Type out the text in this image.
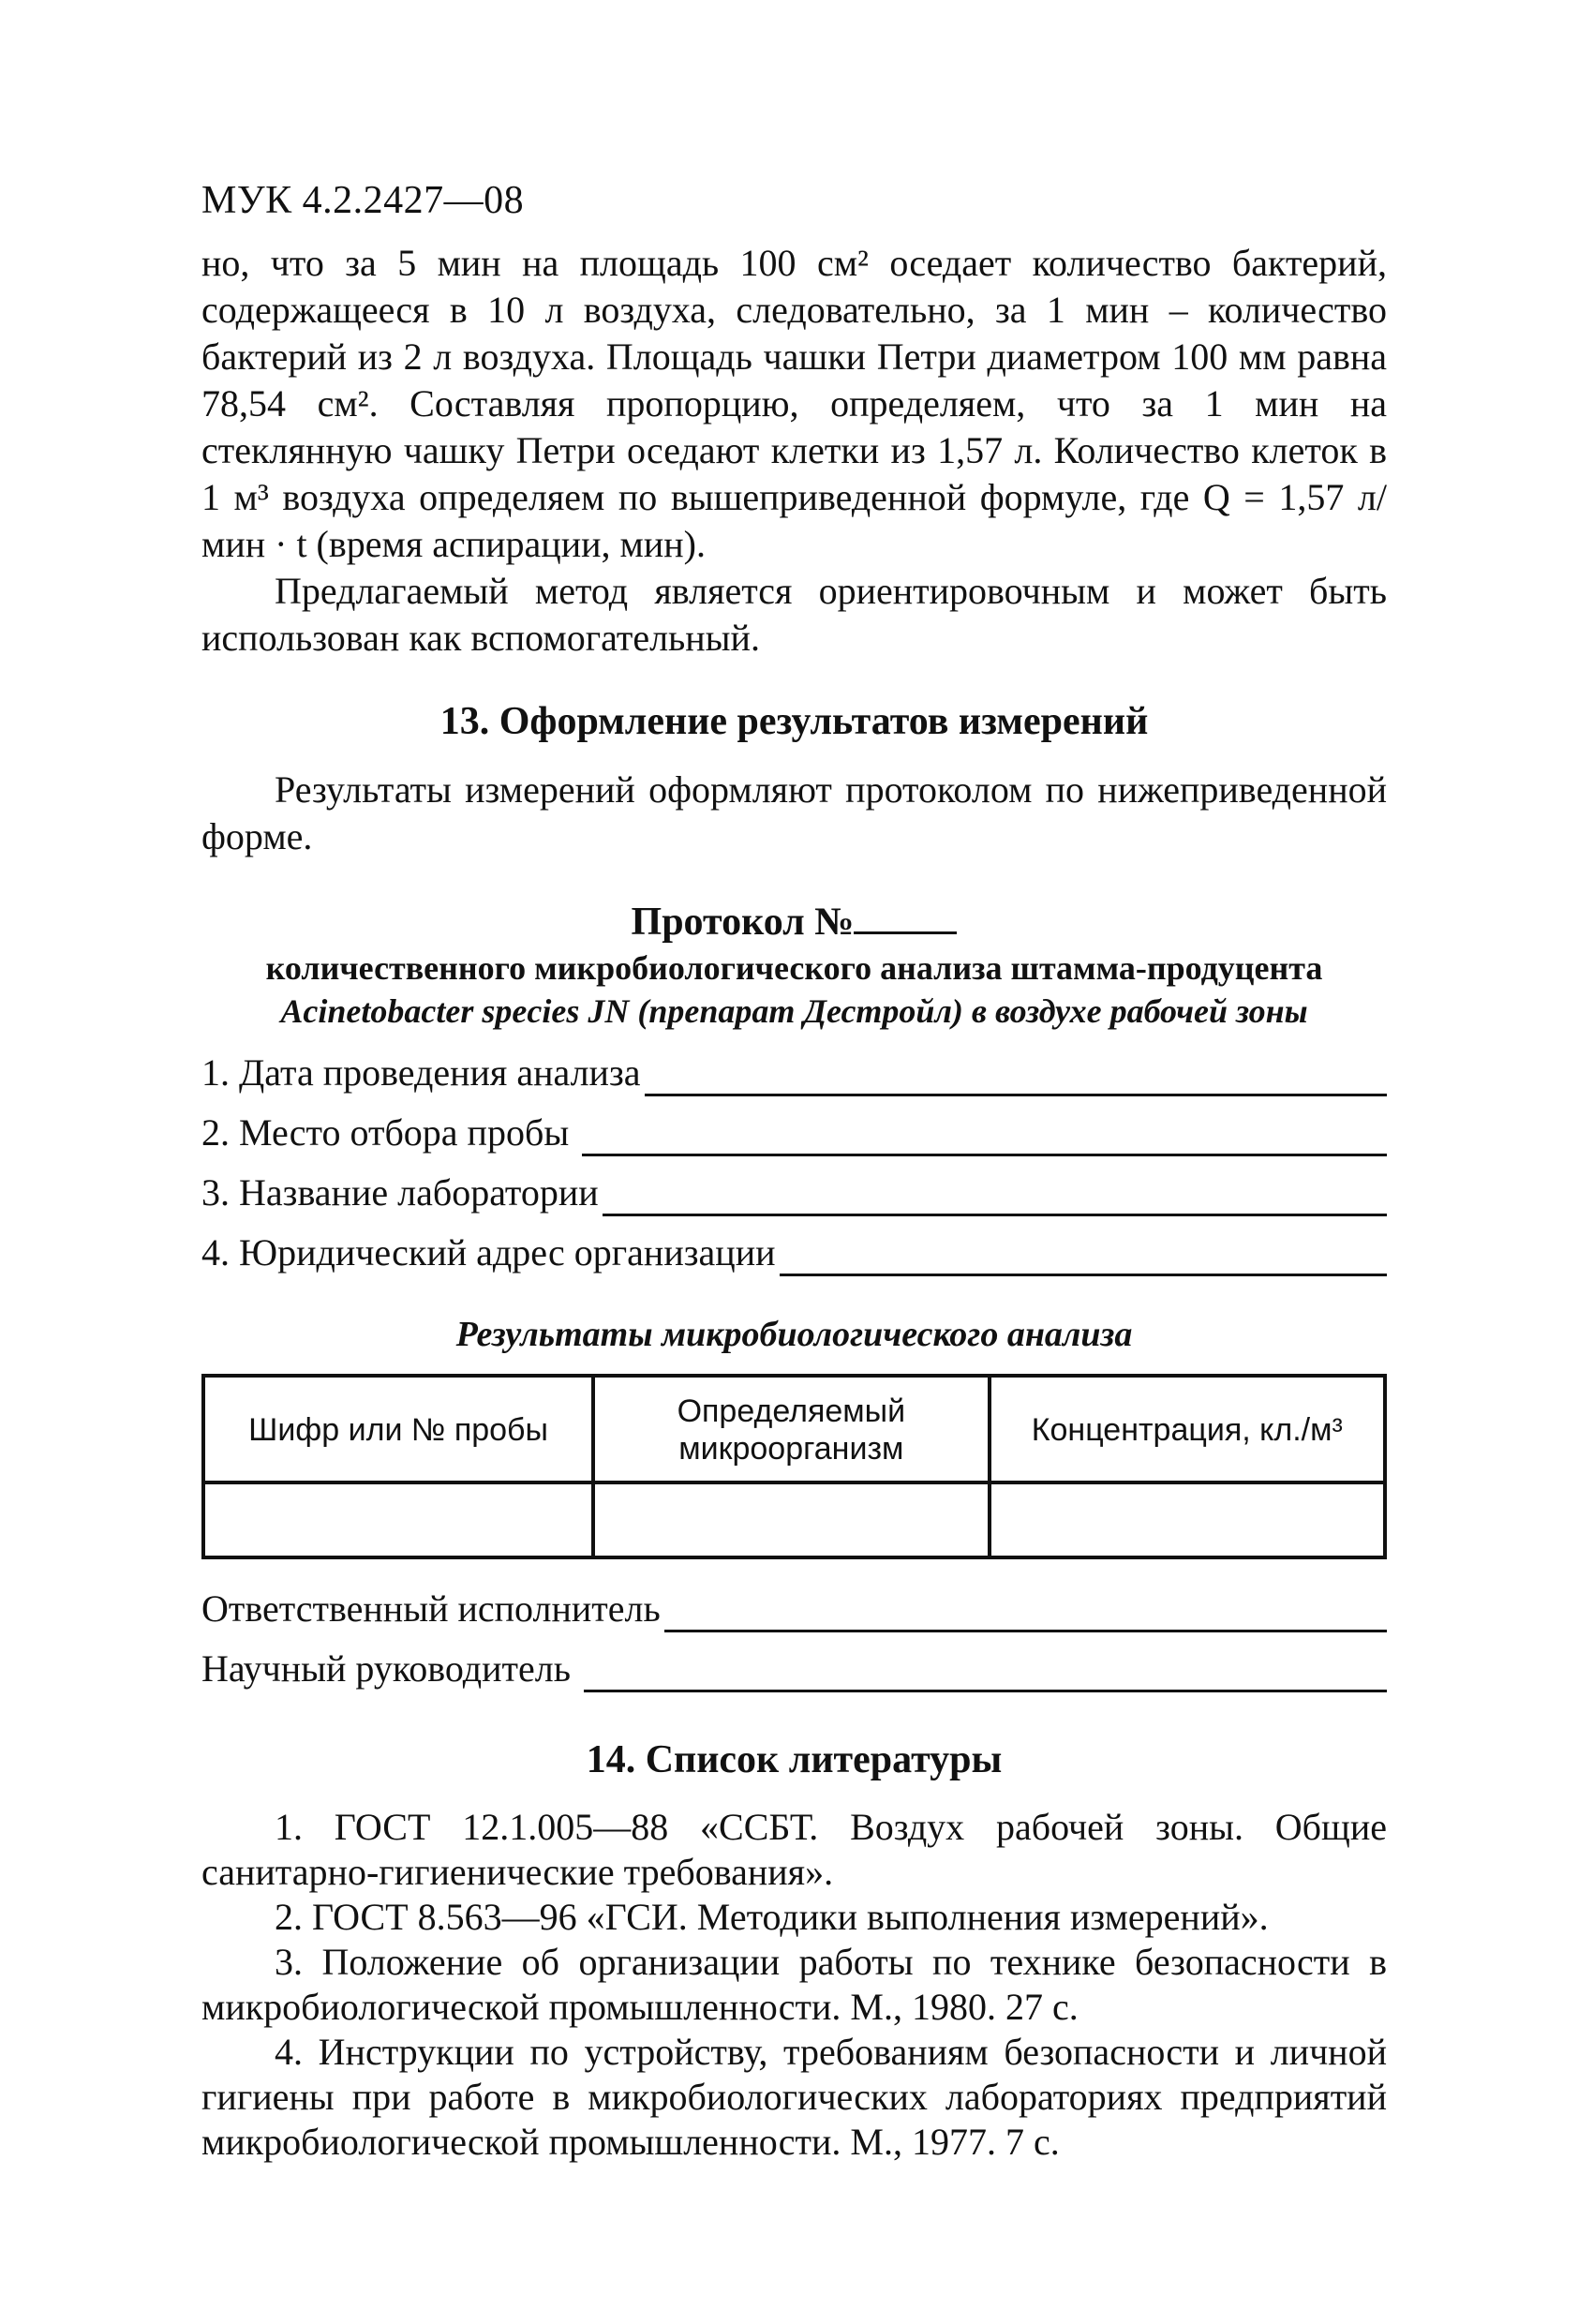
МУК 4.2.2427—08

но, что за 5 мин на площадь 100 см² оседает количество бактерий, содержащееся в 10 л воздуха, следовательно, за 1 мин – количество бактерий из 2 л воздуха. Площадь чашки Петри диаметром 100 мм равна 78,54 см². Составляя пропорцию, определяем, что за 1 мин на стеклянную чашку Петри оседают клетки из 1,57 л. Количество клеток в 1 м³ воздуха определяем по вышеприведенной формуле, где Q = 1,57 л/мин · t (время аспирации, мин).

Предлагаемый метод является ориентировочным и может быть использован как вспомогательный.

13. Оформление результатов измерений

Результаты измерений оформляют протоколом по нижеприведенной форме.

Протокол №
количественного микробиологического анализа штамма-продуцента
Acinetobacter species JN (препарат Дестройл) в воздухе рабочей зоны
1. Дата проведения анализа
2. Место отбора пробы
3. Название лаборатории
4. Юридический адрес организации
Результаты микробиологического анализа
Шифр или № пробы	Определяемый микроорганизм	Концентрация, кл./м³

Ответственный исполнитель
Научный руководитель
14. Список литературы
1. ГОСТ 12.1.005—88 «ССБТ. Воздух рабочей зоны. Общие санитарно-гигиенические требования».
2. ГОСТ 8.563—96 «ГСИ. Методики выполнения измерений».
3. Положение об организации работы по технике безопасности в микробиологической промышленности. М., 1980. 27 с.
4. Инструкции по устройству, требованиям безопасности и личной гигиены при работе в микробиологических лабораториях предприятий микробиологической промышленности. М., 1977. 7 с.
